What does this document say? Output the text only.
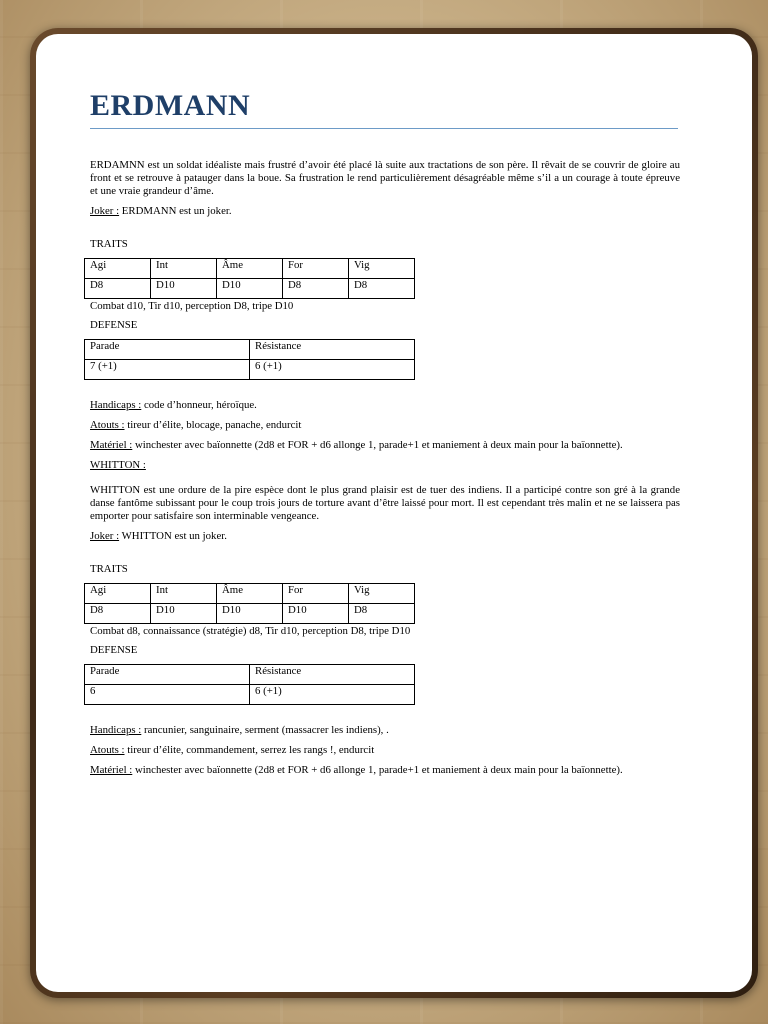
ERDMANN

ERDAMNN est un soldat idéaliste mais frustré d’avoir été placé là suite aux tractations de son père. Il rêvait de se couvrir de gloire au front et se retrouve à patauger dans la boue. Sa frustration le rend particulièrement désagréable même s’il a un courage à toute épreuve et une vraie grandeur d’âme.

Joker : ERDMANN est un joker.

TRAITS

Agi	Int	Âme	For	Vig
D8	D10	D10	D8	D8

Combat d10, Tir d10, perception D8, tripe D10

DEFENSE

Parade	Résistance
7 (+1)	6 (+1)

Handicaps : code d’honneur, héroïque.

Atouts : tireur d’élite, blocage, panache, endurcit

Matériel : winchester avec baïonnette (2d8 et FOR + d6 allonge 1, parade+1 et maniement à deux main pour la baïonnette).

WHITTON :

WHITTON est une ordure de la pire espèce dont le plus grand plaisir est de tuer des indiens. Il a participé contre son gré à la grande danse fantôme subissant pour le coup trois jours de torture avant d’être laissé pour mort. Il est cependant très malin et ne se laissera pas emporter pour satisfaire son interminable vengeance.

Joker : WHITTON est un joker.

TRAITS

Agi	Int	Âme	For	Vig
D8	D10	D10	D10	D8

Combat d8, connaissance (stratégie) d8, Tir d10, perception D8, tripe D10

DEFENSE

Parade	Résistance
6	6 (+1)

Handicaps : rancunier, sanguinaire, serment (massacrer les indiens), .

Atouts : tireur d’élite, commandement, serrez les rangs !, endurcit

Matériel : winchester avec baïonnette (2d8 et FOR + d6 allonge 1, parade+1 et maniement à deux main pour la baïonnette).
